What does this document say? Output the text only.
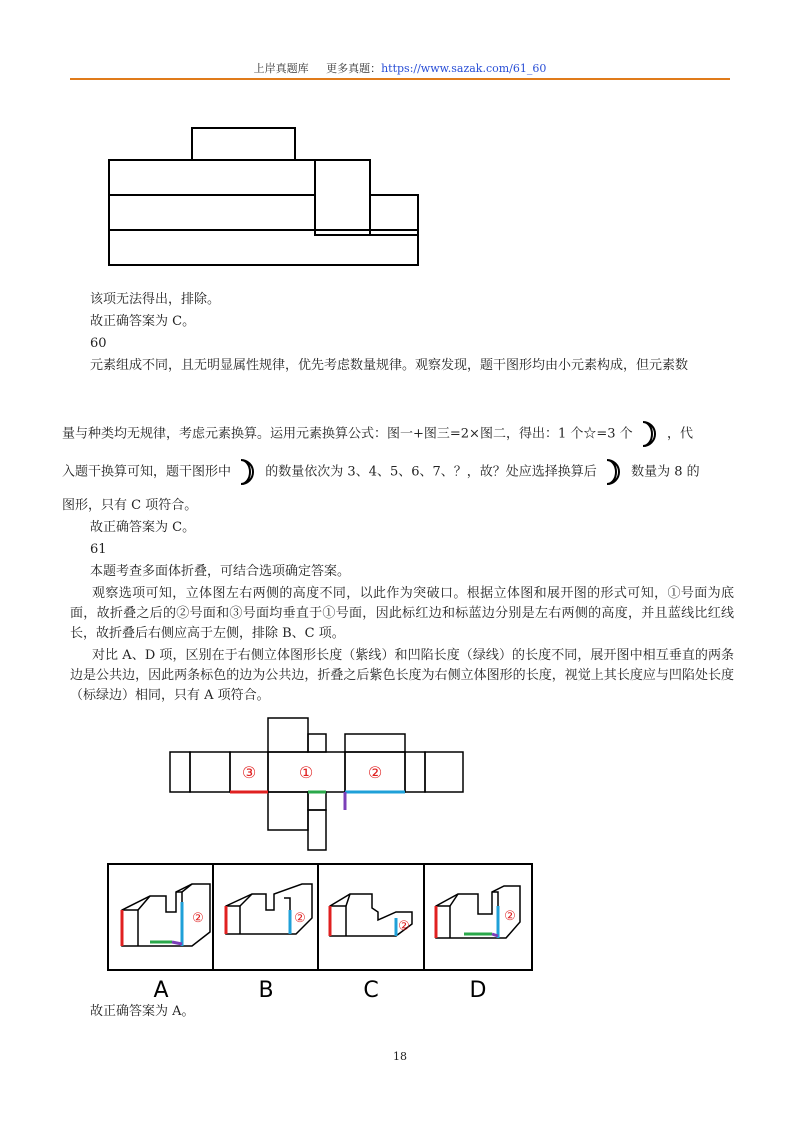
上岸真题库 更多真题：https://www.sazak.com/61_60
该项无法得出，排除。
故正确答案为 C。
60
元素组成不同，且无明显属性规律，优先考虑数量规律。观察发现，题干图形均由小元素构成，但元素数
量与种类均无规律，考虑元素换算。运用元素换算公式：图一+图三=2×图二，得出：1 个☆=3 个	，代
入题干换算可知，题干图形中	的数量依次为 3、4、5、6、7、？，故？处应选择换算后	数量为 8 的
图形，只有 C 项符合。
故正确答案为 C。
61
本题考查多面体折叠，可结合选项确定答案。
观察选项可知，立体图左右两侧的高度不同，以此作为突破口。根据立体图和展开图的形式可知，①号面为底面，故折叠之后的②号面和③号面均垂直于①号面，因此标红边和标蓝边分别是左右两侧的高度，并且蓝线比红线长，故折叠后右侧应高于左侧，排除 B、C 项。
对比 A、D 项，区别在于右侧立体图形长度（紫线）和凹陷长度（绿线）的长度不同，展开图中相互垂直的两条边是公共边，因此两条标色的边为公共边，折叠之后紫色长度为右侧立体图形的长度，视觉上其长度应与凹陷处长度（标绿边）相同，只有 A 项符合。
③	①	②
②	②
②
②
A	B	C	D
故正确答案为 A。
18
